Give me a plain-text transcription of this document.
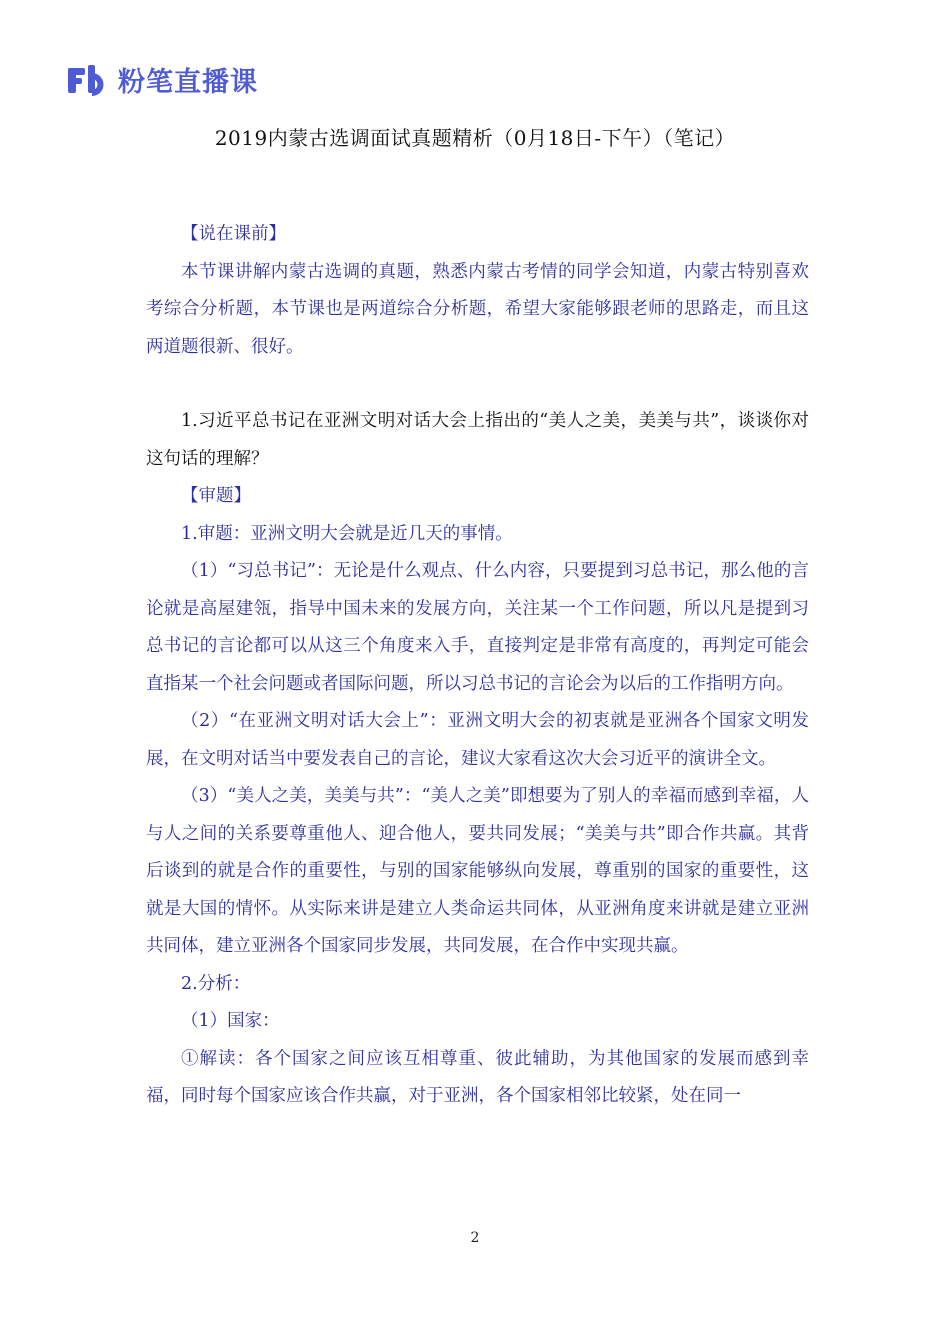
粉笔直播课
2019内蒙古选调面试真题精析（0月18日-下午）（笔记）

【说在课前】

本节课讲解内蒙古选调的真题，熟悉内蒙古考情的同学会知道，内蒙古特别喜欢考综合分析题，本节课也是两道综合分析题，希望大家能够跟老师的思路走，而且这两道题很新、很好。

1.习近平总书记在亚洲文明对话大会上指出的“美人之美，美美与共”，谈谈你对这句话的理解？

【审题】

1.审题：亚洲文明大会就是近几天的事情。

（1）“习总书记”：无论是什么观点、什么内容，只要提到习总书记，那么他的言论就是高屋建瓴，指导中国未来的发展方向，关注某一个工作问题，所以凡是提到习总书记的言论都可以从这三个角度来入手，直接判定是非常有高度的，再判定可能会直指某一个社会问题或者国际问题，所以习总书记的言论会为以后的工作指明方向。

（2）“在亚洲文明对话大会上”：亚洲文明大会的初衷就是亚洲各个国家文明发展，在文明对话当中要发表自己的言论，建议大家看这次大会习近平的演讲全文。

（3）“美人之美，美美与共”：“美人之美”即想要为了别人的幸福而感到幸福，人与人之间的关系要尊重他人、迎合他人，要共同发展；“美美与共”即合作共赢。其背后谈到的就是合作的重要性，与别的国家能够纵向发展，尊重别的国家的重要性，这就是大国的情怀。从实际来讲是建立人类命运共同体，从亚洲角度来讲就是建立亚洲共同体，建立亚洲各个国家同步发展，共同发展，在合作中实现共赢。

2.分析：

（1）国家：

①解读：各个国家之间应该互相尊重、彼此辅助，为其他国家的发展而感到幸福，同时每个国家应该合作共赢，对于亚洲，各个国家相邻比较紧，处在同一

2
